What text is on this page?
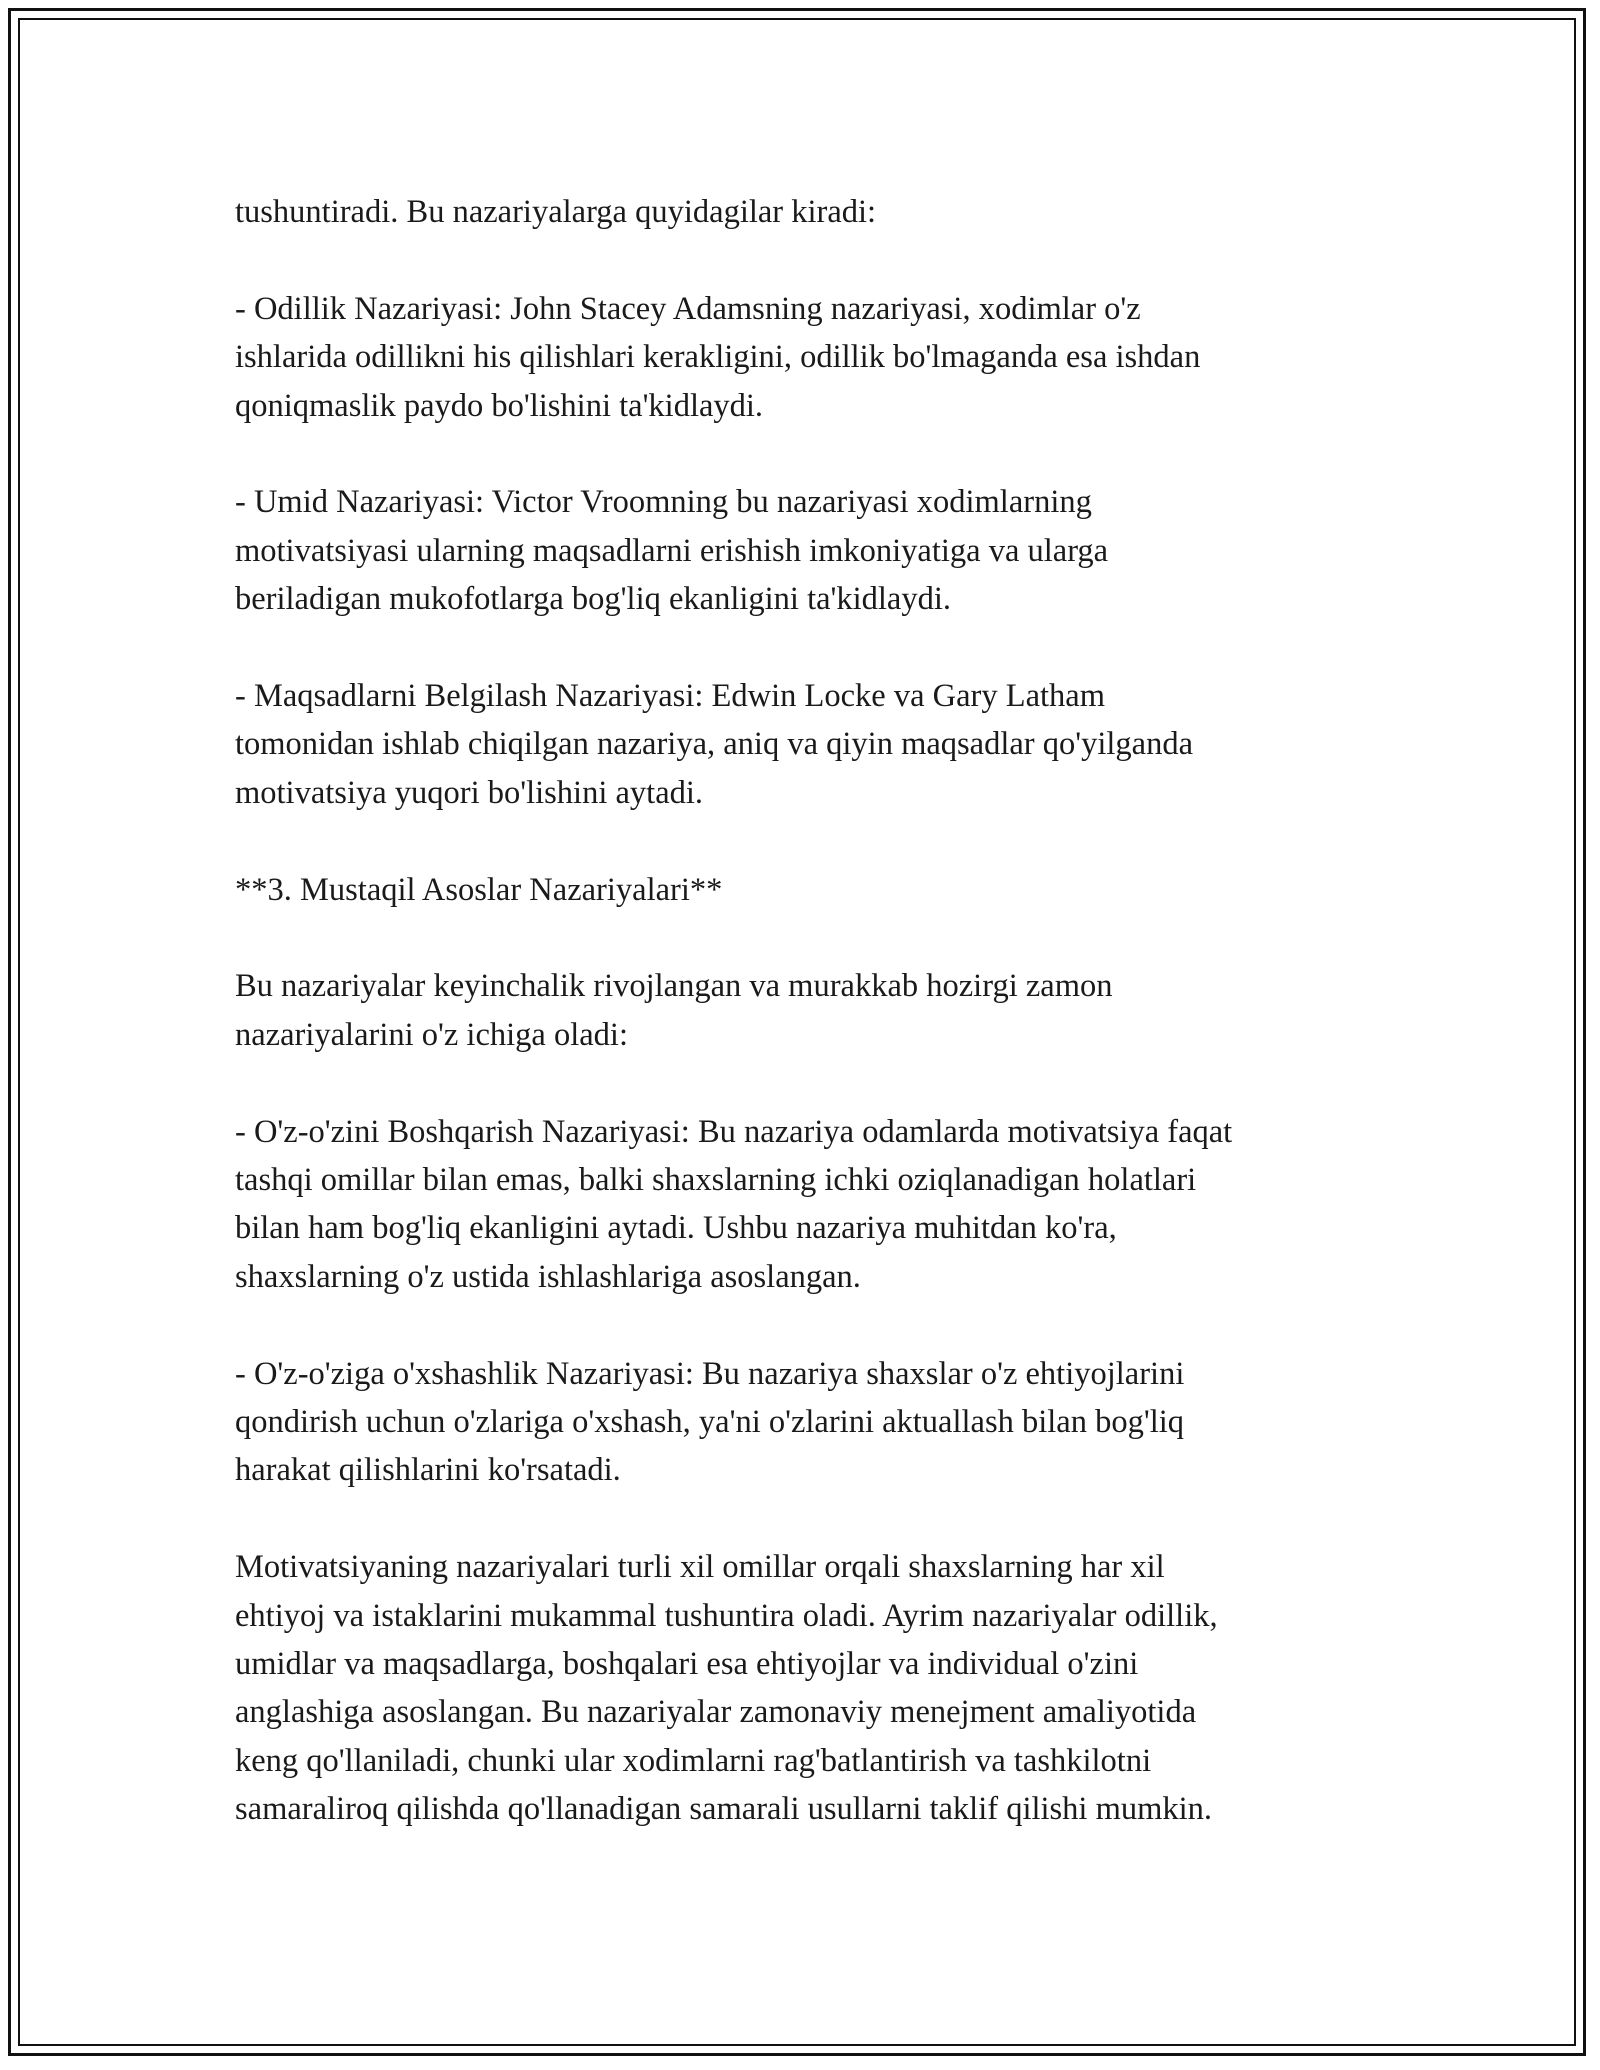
tushuntiradi. Bu nazariyalarga quyidagilar kiradi:

- Odillik Nazariyasi: John Stacey Adamsning nazariyasi, xodimlar o'z
ishlarida odillikni his qilishlari kerakligini, odillik bo'lmaganda esa ishdan
qoniqmaslik paydo bo'lishini ta'kidlaydi.

- Umid Nazariyasi: Victor Vroomning bu nazariyasi xodimlarning
motivatsiyasi ularning maqsadlarni erishish imkoniyatiga va ularga
beriladigan mukofotlarga bog'liq ekanligini ta'kidlaydi.

- Maqsadlarni Belgilash Nazariyasi: Edwin Locke va Gary Latham
tomonidan ishlab chiqilgan nazariya, aniq va qiyin maqsadlar qo'yilganda
motivatsiya yuqori bo'lishini aytadi.

**3. Mustaqil Asoslar Nazariyalari**

Bu nazariyalar keyinchalik rivojlangan va murakkab hozirgi zamon
nazariyalarini o'z ichiga oladi:

- O'z-o'zini Boshqarish Nazariyasi: Bu nazariya odamlarda motivatsiya faqat
tashqi omillar bilan emas, balki shaxslarning ichki oziqlanadigan holatlari
bilan ham bog'liq ekanligini aytadi. Ushbu nazariya muhitdan ko'ra,
shaxslarning o'z ustida ishlashlariga asoslangan.

- O'z-o'ziga o'xshashlik Nazariyasi: Bu nazariya shaxslar o'z ehtiyojlarini
qondirish uchun o'zlariga o'xshash, ya'ni o'zlarini aktuallash bilan bog'liq
harakat qilishlarini ko'rsatadi.

Motivatsiyaning nazariyalari turli xil omillar orqali shaxslarning har xil
ehtiyoj va istaklarini mukammal tushuntira oladi. Ayrim nazariyalar odillik,
umidlar va maqsadlarga, boshqalari esa ehtiyojlar va individual o'zini
anglashiga asoslangan. Bu nazariyalar zamonaviy menejment amaliyotida
keng qo'llaniladi, chunki ular xodimlarni rag'batlantirish va tashkilotni
samaraliroq qilishda qo'llanadigan samarali usullarni taklif qilishi mumkin.
